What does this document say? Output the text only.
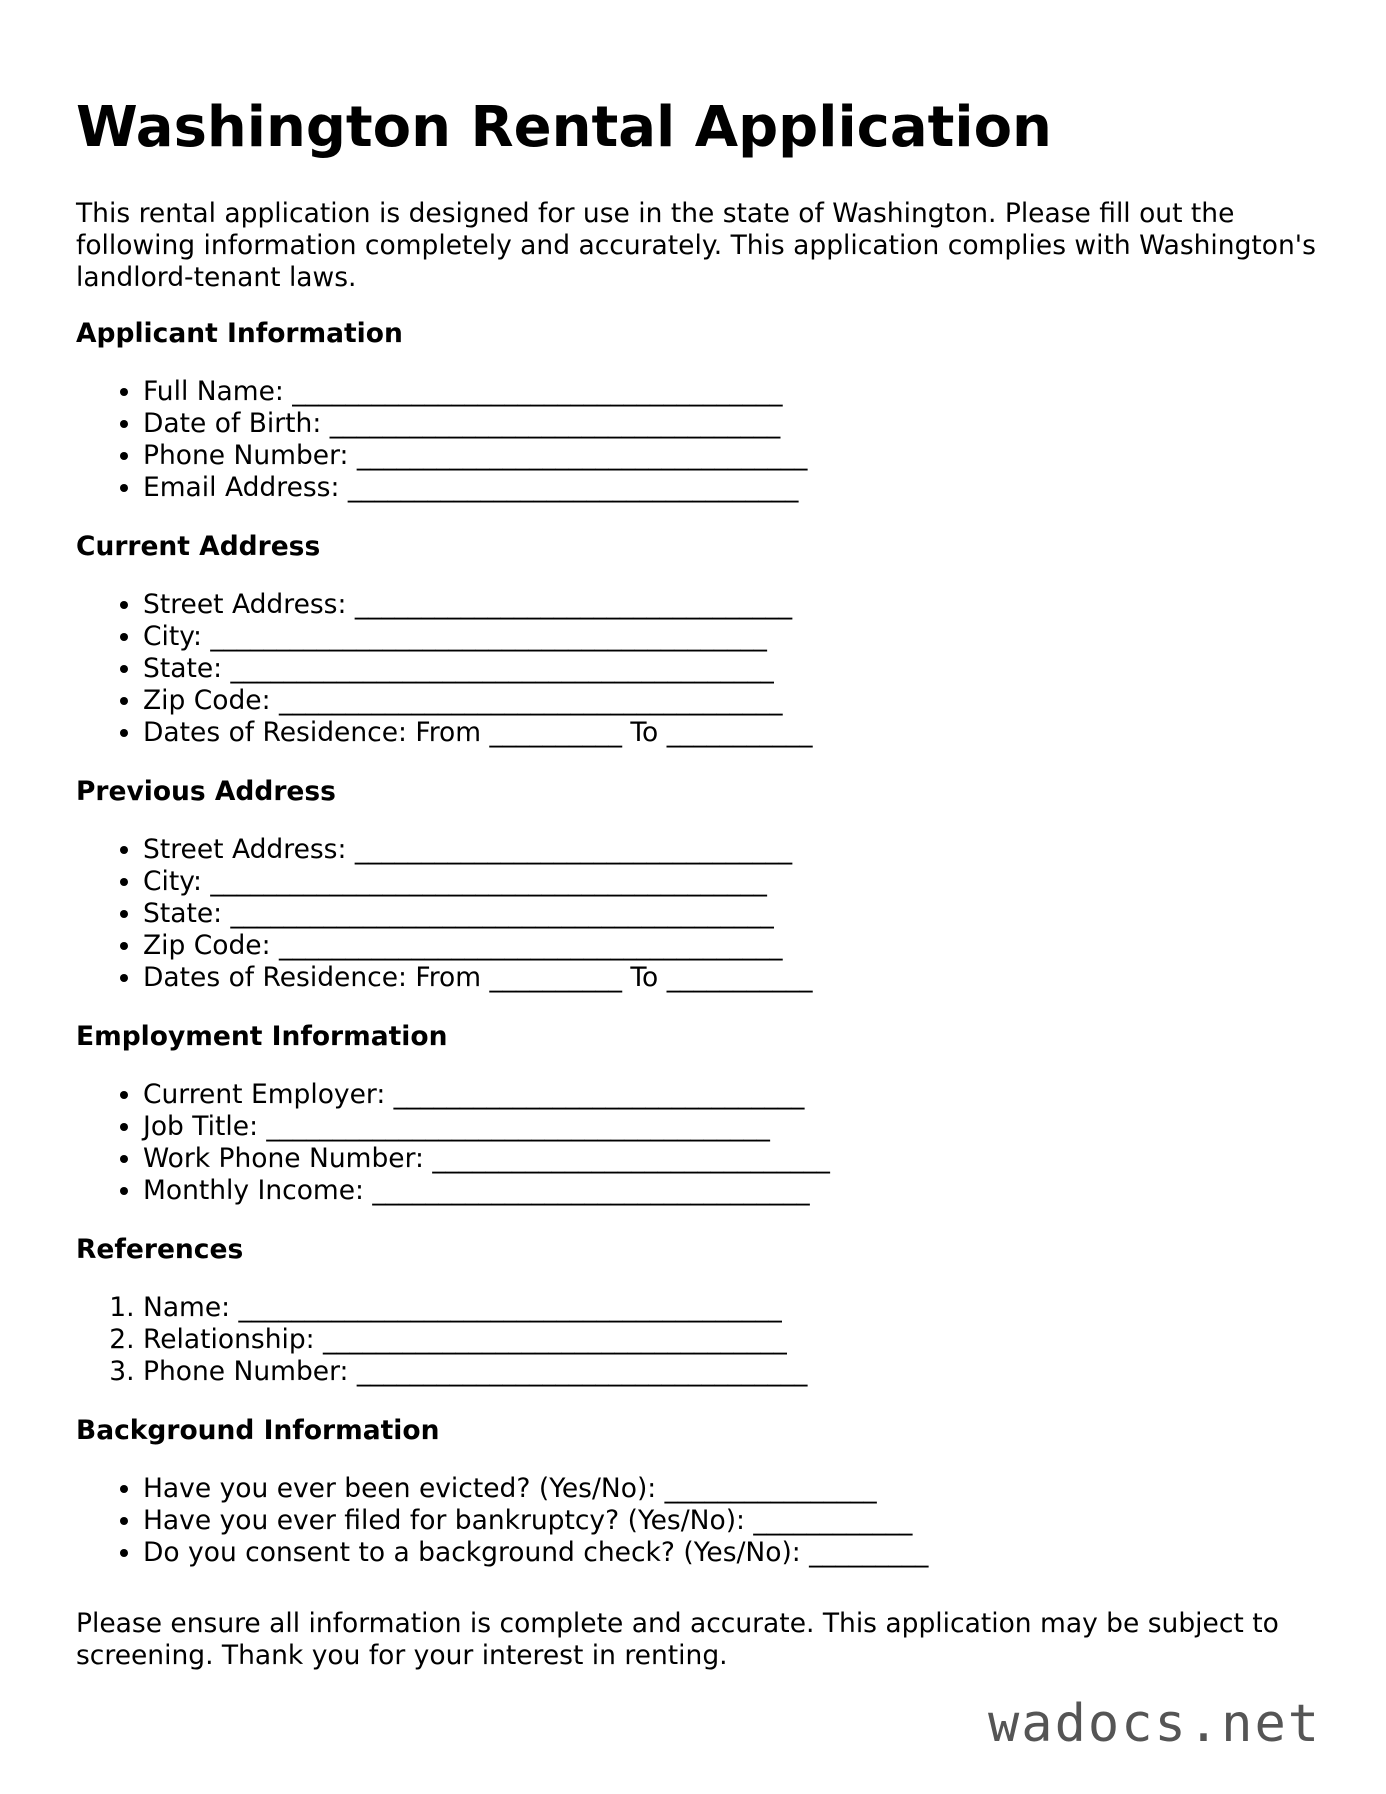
Washington Rental Application

This rental application is designed for use in the state of Washington. Please fill out the following information completely and accurately. This application complies with Washington's landlord-tenant laws.

Applicant Information
• Full Name: _____________________________________
• Date of Birth: __________________________________
• Phone Number: __________________________________
• Email Address: __________________________________
Current Address
• Street Address: _________________________________
• City: __________________________________________
• State: _________________________________________
• Zip Code: ______________________________________
• Dates of Residence: From __________ To ___________
Previous Address
• Street Address: _________________________________
• City: __________________________________________
• State: _________________________________________
• Zip Code: ______________________________________
• Dates of Residence: From __________ To ___________
Employment Information
• Current Employer: _______________________________
• Job Title: ______________________________________
• Work Phone Number: ______________________________
• Monthly Income: _________________________________
References
1. Name: _________________________________________
2. Relationship: ___________________________________
3. Phone Number: __________________________________
Background Information
• Have you ever been evicted? (Yes/No): ________________
• Have you ever filed for bankruptcy? (Yes/No): ____________
• Do you consent to a background check? (Yes/No): _________

Please ensure all information is complete and accurate. This application may be subject to screening. Thank you for your interest in renting.

wadocs.net
